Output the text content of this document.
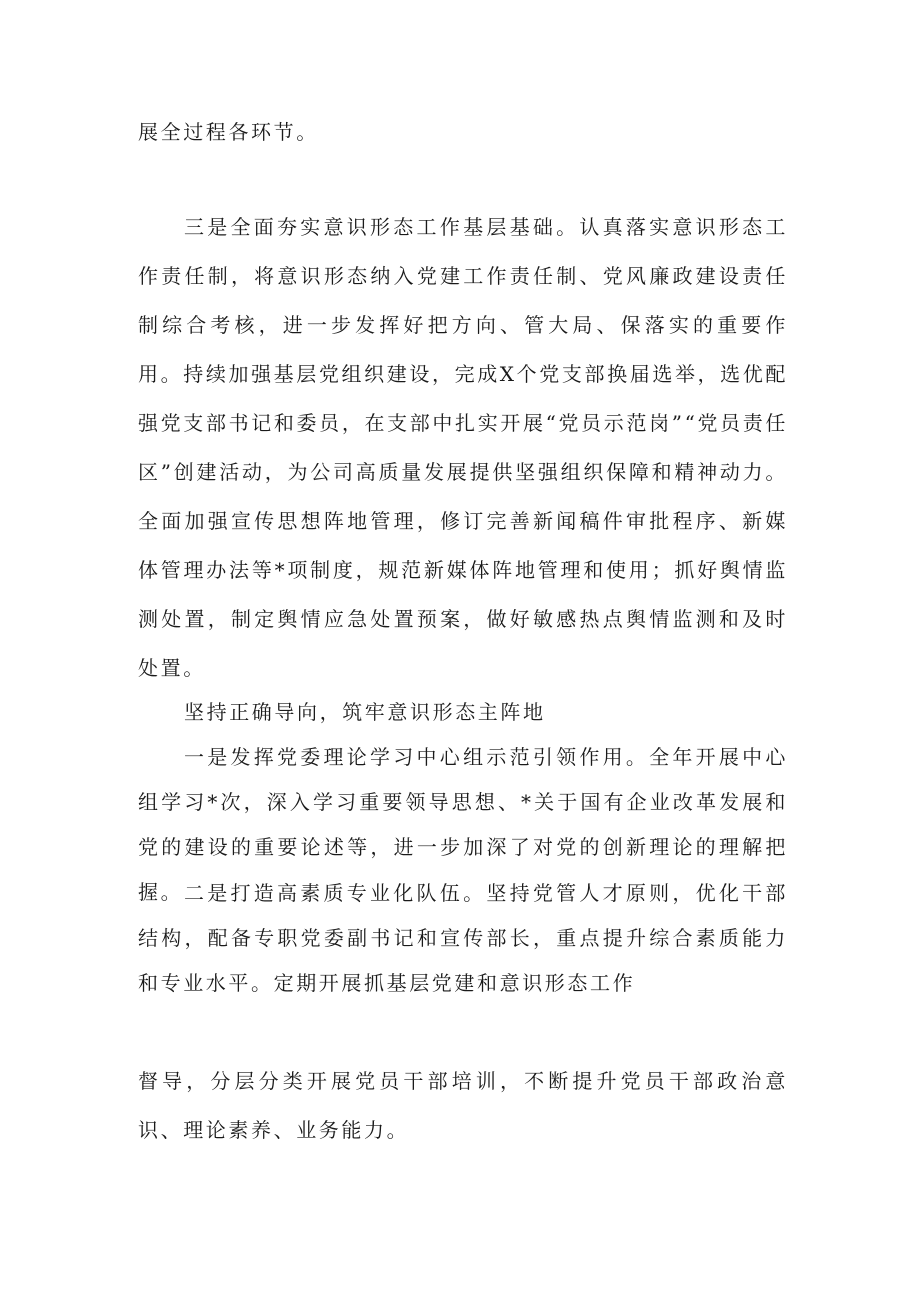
展全过程各环节。

三是全面夯实意识形态工作基层基础。认真落实意识形态工作责任制，将意识形态纳入党建工作责任制、党风廉政建设责任制综合考核，进一步发挥好把方向、管大局、保落实的重要作用。持续加强基层党组织建设，完成X个党支部换届选举，选优配强党支部书记和委员，在支部中扎实开展“党员示范岗”“党员责任区”创建活动，为公司高质量发展提供坚强组织保障和精神动力。全面加强宣传思想阵地管理，修订完善新闻稿件审批程序、新媒体管理办法等*项制度，规范新媒体阵地管理和使用；抓好舆情监测处置，制定舆情应急处置预案，做好敏感热点舆情监测和及时处置。

坚持正确导向，筑牢意识形态主阵地

一是发挥党委理论学习中心组示范引领作用。全年开展中心组学习*次，深入学习重要领导思想、*关于国有企业改革发展和党的建设的重要论述等，进一步加深了对党的创新理论的理解把握。 二是打造高素质专业化队伍。坚持党管人才原则，优化干部结构，配备专职党委副书记和宣传部长，重点提升综合素质能力和专业水平。定期开展抓基层党建和意识形态工作

督导，分层分类开展党员干部培训，不断提升党员干部政治意识、理论素养、业务能力。
